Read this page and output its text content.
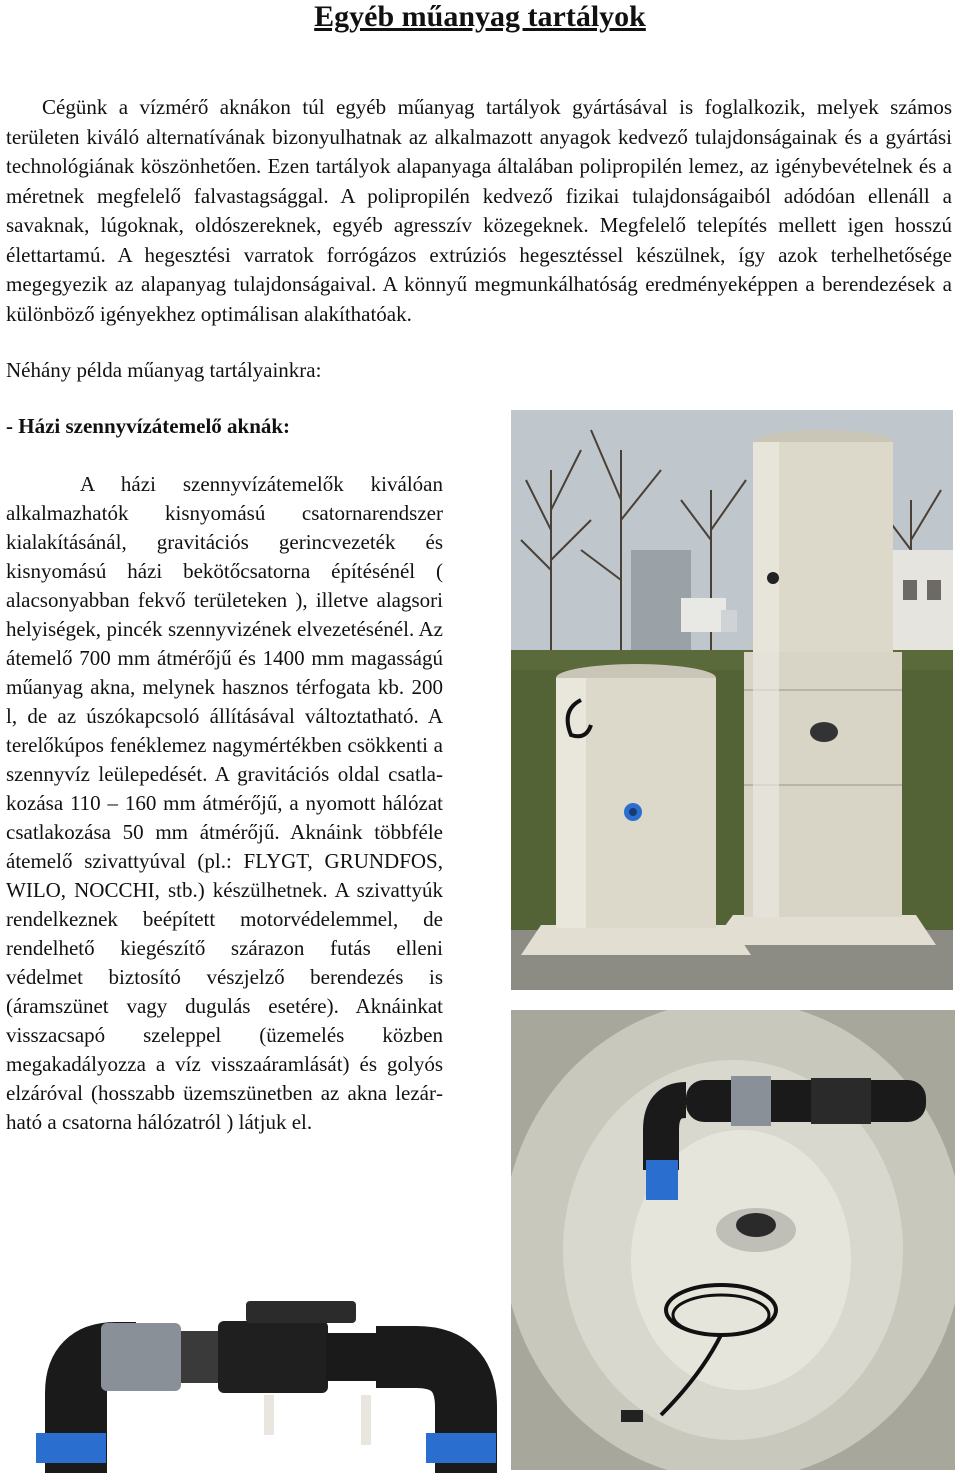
Egyéb műanyag tartályok

Cégünk a vízmérő aknákon túl egyéb műanyag tartályok gyártásával is foglalkozik, melyek számos területen kiváló alternatívának bizonyulhatnak az alkalmazott anyagok kedvező tulajdonságainak és a gyártási technológiának köszönhetően. Ezen tartályok alapanyaga általában polipropilén lemez, az igénybevételnek és a méretnek megfelelő falvastagsággal. A polipropilén kedvező fizikai tulajdonságaiból adódóan ellenáll a savaknak, lúgoknak, oldószereknek, egyéb agresszív közegeknek. Megfelelő telepítés mellett igen hosszú élettartamú. A hegesztési varratok forrógázos extrúziós hegesztéssel készülnek, így azok terhelhetősége megegyezik az alapanyag tulajdonságaival. A könnyű megmunkálhatóság eredményeképpen a berendezések a különböző igényekhez optimálisan alakíthatóak.

Néhány példa műanyag tartályainkra:

- Házi szennyvízátemelő aknák:

A házi szennyvízátemelők kiválóan alkalmazhatók kisnyomású csatornarendszer kialakításánál, gravitációs gerincvezeték és kisnyomású házi bekötőcsatorna építésénél ( alacsonyabban fekvő területeken ), illetve alagsori helyiségek, pincék szennyvizének elvezetésénél. Az átemelő 700 mm átmérőjű és 1400 mm magasságú műanyag akna, melynek hasznos térfogata kb. 200 l, de az úszókapcsoló állításával változtatható. A terelőkúpos fenéklemez nagymértékben csökkenti a szennyvíz leülepedését. A gravitációs oldal csatlakozása 110 – 160 mm átmérőjű, a nyomott hálózat csatlakozása 50 mm átmérőjű. Aknáink többféle átemelő szivattyúval (pl.: FLYGT, GRUNDFOS, WILO, NOCCHI, stb.) készülhetnek. A szivattyúk rendelkeznek beépített motorvédelemmel, de rendelhető kiegészítő szárazon futás elleni védelmet biztosító vészjelző berendezés is (áramszünet vagy dugulás esetére). Aknáinkat visszacsapó szeleppel (üzemelés közben megakadályozza a víz visszaáramlását) és golyós elzáróval (hosszabb üzemszünetben az akna lezárható a csatorna hálózatról ) látjuk el.
